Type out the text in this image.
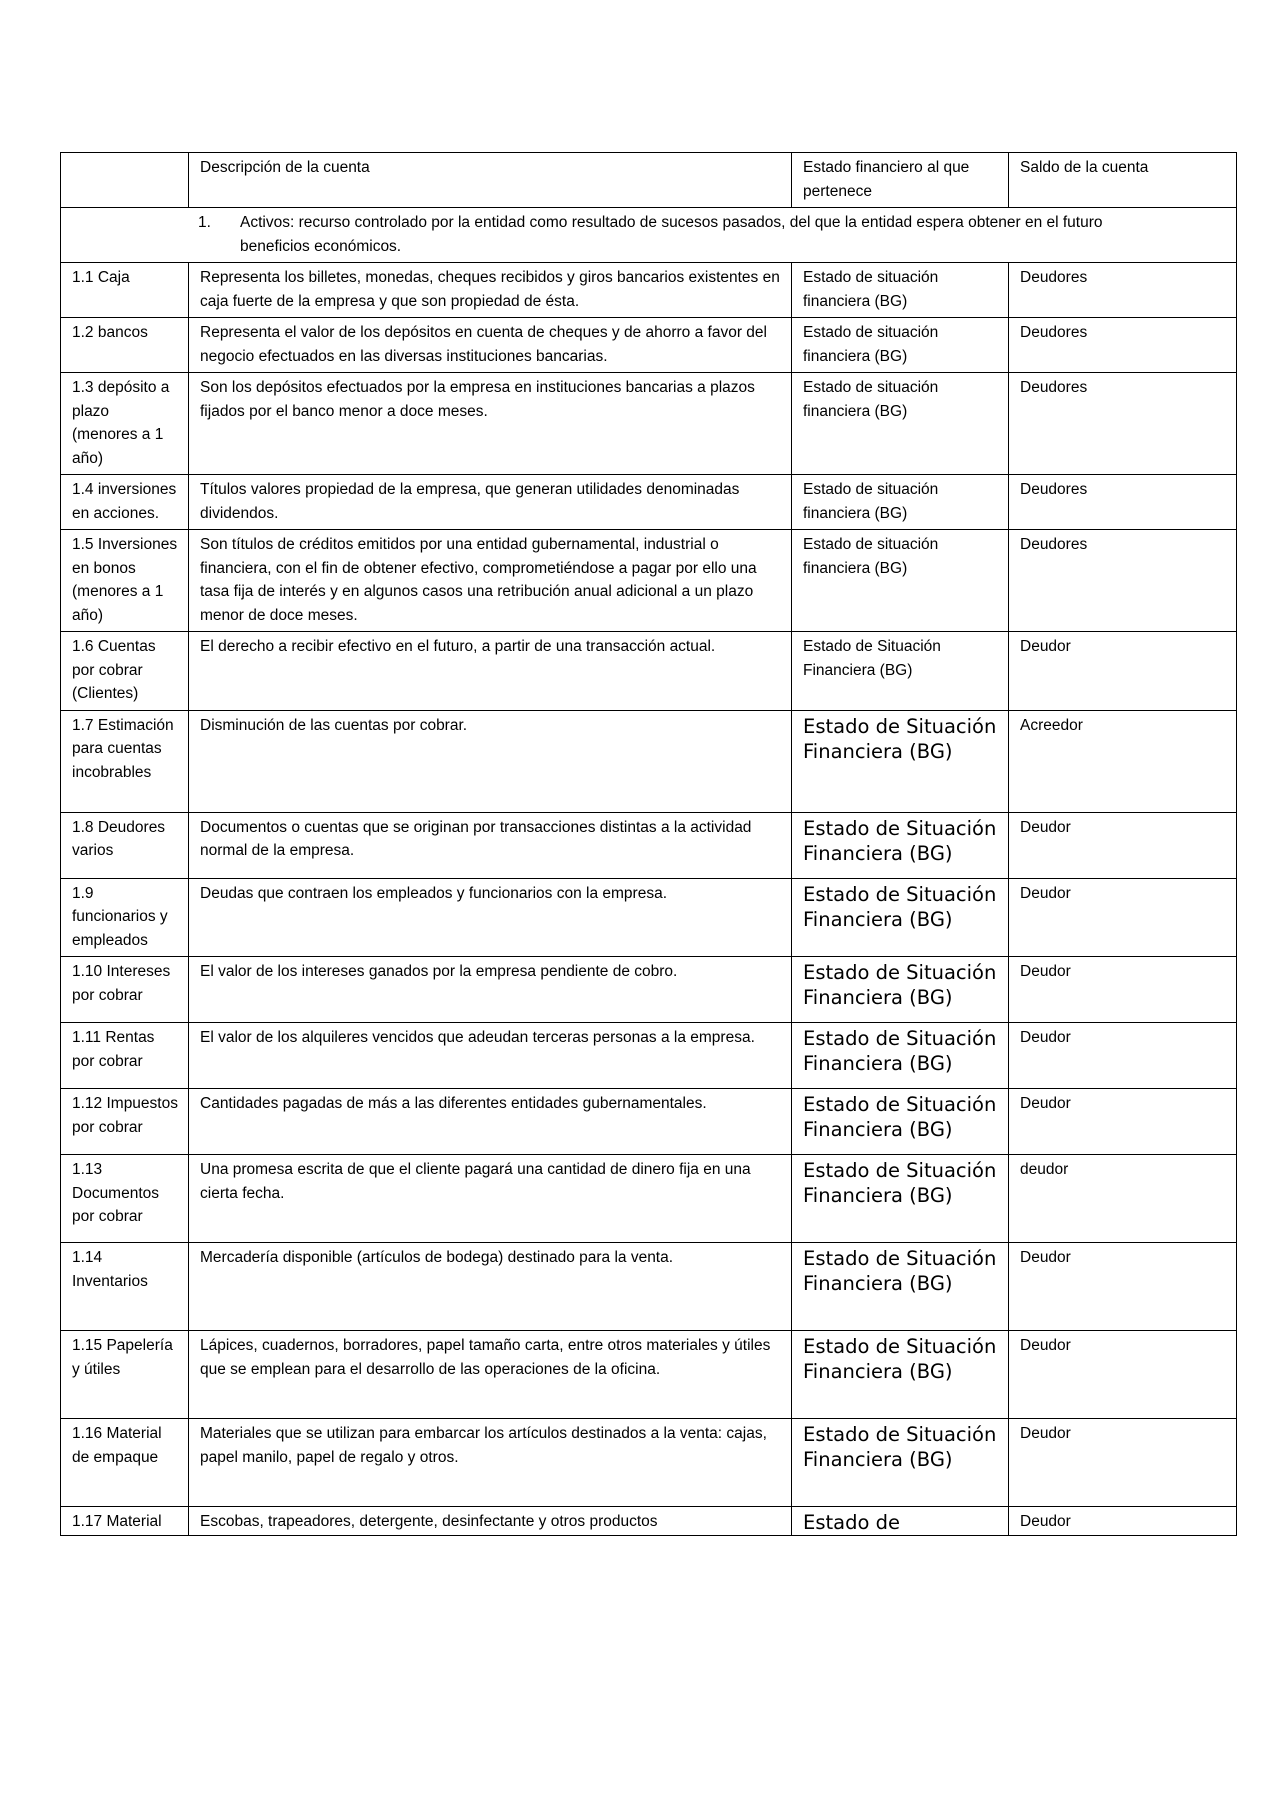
	Descripción de la cuenta	Estado financiero al que pertenece	Saldo de la cuenta

1. Activos: recurso controlado por la entidad como resultado de sucesos pasados, del que la entidad espera obtener en el futuro beneficios económicos.			

1.1 Caja	Representa los billetes, monedas, cheques recibidos y giros bancarios existentes en caja fuerte de la empresa y que son propiedad de ésta.	Estado de situación financiera (BG)	Deudores
1.2 bancos	Representa el valor de los depósitos en cuenta de cheques y de ahorro a favor del negocio efectuados en las diversas instituciones bancarias.	Estado de situación financiera (BG)	Deudores
1.3 depósito a plazo (menores a 1 año)	Son los depósitos efectuados por la empresa en instituciones bancarias a plazos fijados por el banco menor a doce meses.	Estado de situación financiera (BG)	Deudores
1.4 inversiones en acciones.	Títulos valores propiedad de la empresa, que generan utilidades denominadas dividendos.	Estado de situación financiera (BG)	Deudores
1.5 Inversiones en bonos (menores a 1 año)	Son títulos de créditos emitidos por una entidad gubernamental, industrial o financiera, con el fin de obtener efectivo, comprometiéndose a pagar por ello una tasa fija de interés y en algunos casos una retribución anual adicional a un plazo menor de doce meses.	Estado de situación financiera (BG)	Deudores
1.6 Cuentas por cobrar (Clientes)	El derecho a recibir efectivo en el futuro, a partir de una transacción actual.	Estado de Situación Financiera (BG)	Deudor
1.7 Estimación para cuentas incobrables	Disminución de las cuentas por cobrar.	Estado de Situación Financiera (BG)	Acreedor
1.8 Deudores varios	Documentos o cuentas que se originan por transacciones distintas a la actividad normal de la empresa.	Estado de Situación Financiera (BG)	Deudor
1.9 funcionarios y empleados	Deudas que contraen los empleados y funcionarios con la empresa.	Estado de Situación Financiera (BG)	Deudor
1.10 Intereses por cobrar	El valor de los intereses ganados por la empresa pendiente de cobro.	Estado de Situación Financiera (BG)	Deudor
1.11 Rentas por cobrar	El valor de los alquileres vencidos que adeudan terceras personas a la empresa.	Estado de Situación Financiera (BG)	Deudor
1.12 Impuestos por cobrar	Cantidades pagadas de más a las diferentes entidades gubernamentales.	Estado de Situación Financiera (BG)	Deudor
1.13 Documentos por cobrar	Una promesa escrita de que el cliente pagará una cantidad de dinero fija en una cierta fecha.	Estado de Situación Financiera (BG)	deudor
1.14 Inventarios	Mercadería disponible (artículos de bodega) destinado para la venta.	Estado de Situación Financiera (BG)	Deudor
1.15 Papelería y útiles	Lápices, cuadernos, borradores, papel tamaño carta, entre otros materiales y útiles que se emplean para el desarrollo de las operaciones de la oficina.	Estado de Situación Financiera (BG)	Deudor
1.16 Material de empaque	Materiales que se utilizan para embarcar los artículos destinados a la venta: cajas, papel manilo, papel de regalo y otros.	Estado de Situación Financiera (BG)	Deudor
1.17 Material	Escobas, trapeadores, detergente, desinfectante y otros productos	Estado de	Deudor
